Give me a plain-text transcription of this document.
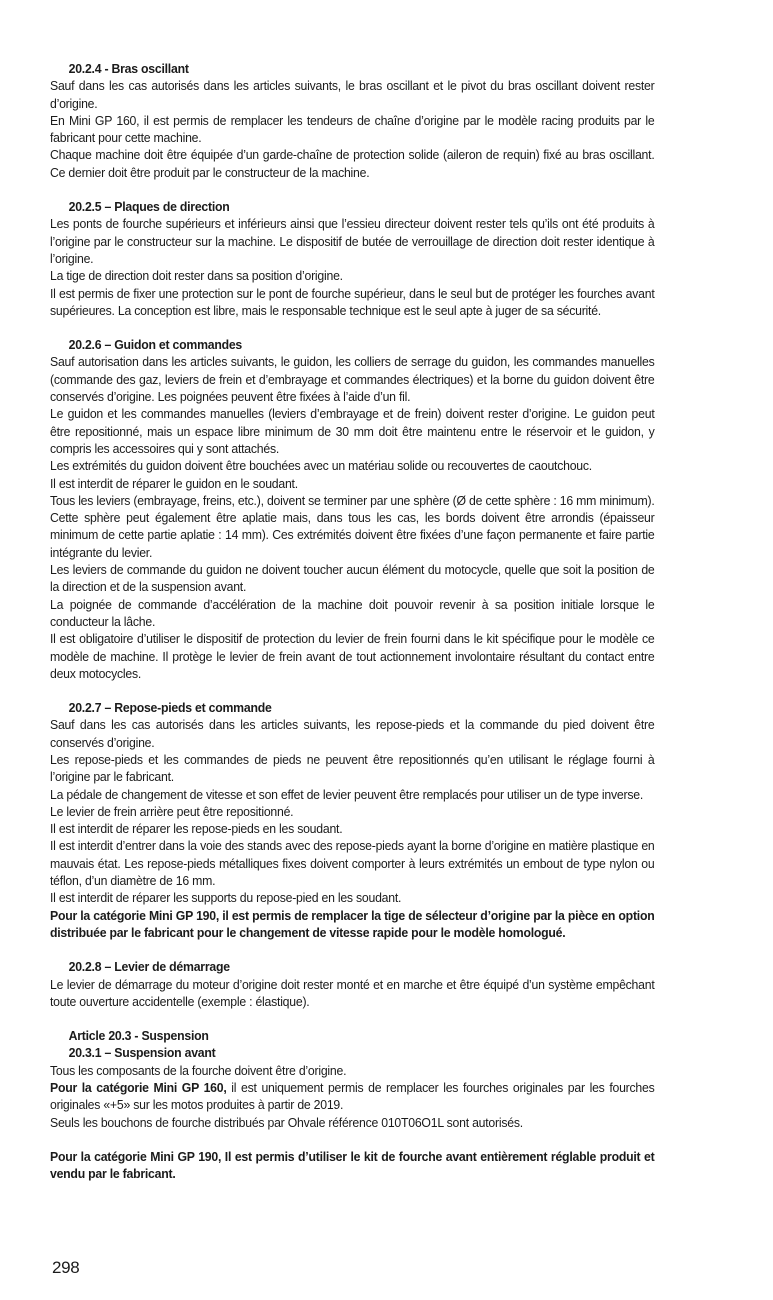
20.2.4 - Bras oscillant

Sauf dans les cas autorisés dans les articles suivants, le bras oscillant et le pivot du bras oscillant doivent rester d’origine.

En Mini GP 160, il est permis de remplacer les tendeurs de chaîne d’origine par le modèle racing produits par le fabricant pour cette machine.

Chaque machine doit être équipée d’un garde-chaîne de protection solide (aileron de requin) fixé au bras oscillant. Ce dernier doit être produit par le constructeur de la machine.

20.2.5 – Plaques de direction

Les ponts de fourche supérieurs et inférieurs ainsi que l’essieu directeur doivent rester tels qu’ils ont été produits à l’origine par le constructeur sur la machine. Le dispositif de butée de verrouillage de direction doit rester identique à l’origine.

La tige de direction doit rester dans sa position d’origine.

Il est permis de fixer une protection sur le pont de fourche supérieur, dans le seul but de protéger les fourches avant supérieures. La conception est libre, mais le responsable technique est le seul apte à juger de sa sécurité.

20.2.6 – Guidon et commandes

Sauf autorisation dans les articles suivants, le guidon, les colliers de serrage du guidon, les commandes manuelles (commande des gaz, leviers de frein et d’embrayage et commandes électriques) et la borne du guidon doivent être conservés d’origine. Les poignées peuvent être fixées à l’aide d’un fil.

Le guidon et les commandes manuelles (leviers d’embrayage et de frein) doivent rester d’origine. Le guidon peut être repositionné, mais un espace libre minimum de 30 mm doit être maintenu entre le réservoir et le guidon, y compris les accessoires qui y sont attachés.

Les extrémités du guidon doivent être bouchées avec un matériau solide ou recouvertes de caoutchouc.

Il est interdit de réparer le guidon en le soudant.

Tous les leviers (embrayage, freins, etc.), doivent se terminer par une sphère (Ø de cette sphère : 16 mm minimum). Cette sphère peut également être aplatie mais, dans tous les cas, les bords doivent être arrondis (épaisseur minimum de cette partie aplatie : 14 mm). Ces extrémités doivent être fixées d’une façon permanente et faire partie intégrante du levier.

Les leviers de commande du guidon ne doivent toucher aucun élément du motocycle, quelle que soit la position de la direction et de la suspension avant.

La poignée de commande d’accélération de la machine doit pouvoir revenir à sa position initiale lorsque le conducteur la lâche.

Il est obligatoire d’utiliser le dispositif de protection du levier de frein fourni dans le kit spécifique pour le modèle ce modèle de machine. Il protège le levier de frein avant de tout actionnement involontaire résultant du contact entre deux motocycles.

20.2.7 – Repose-pieds et commande

Sauf dans les cas autorisés dans les articles suivants, les repose-pieds et la commande du pied doivent être conservés d’origine.

Les repose-pieds et les commandes de pieds ne peuvent être repositionnés qu’en utilisant le réglage fourni à l’origine par le fabricant.

La pédale de changement de vitesse et son effet de levier peuvent être remplacés pour utiliser un de type inverse.

Le levier de frein arrière peut être repositionné.

Il est interdit de réparer les repose-pieds en les soudant.

Il est interdit d’entrer dans la voie des stands avec des repose-pieds ayant la borne d’origine en matière plastique en mauvais état. Les repose-pieds métalliques fixes doivent comporter à leurs extrémités un embout de type nylon ou téflon, d’un diamètre de 16 mm.

Il est interdit de réparer les supports du repose-pied en les soudant.

Pour la catégorie Mini GP 190, il est permis de remplacer la tige de sélecteur d’origine par la pièce en option distribuée par le fabricant pour le changement de vitesse rapide pour le modèle homologué.

20.2.8 – Levier de démarrage

Le levier de démarrage du moteur d’origine doit rester monté et en marche et être équipé d’un système empêchant toute ouverture accidentelle (exemple : élastique).

Article 20.3 - Suspension

20.3.1 – Suspension avant

Tous les composants de la fourche doivent être d’origine.

Pour la catégorie Mini GP 160, il est uniquement permis de remplacer les fourches originales par les fourches originales «+5» sur les motos produites à partir de 2019.

Seuls les bouchons de fourche distribués par Ohvale référence 010T06O1L sont autorisés.

Pour la catégorie Mini GP 190, Il est permis d’utiliser le kit de fourche avant entièrement réglable produit et vendu par le fabricant.

298
